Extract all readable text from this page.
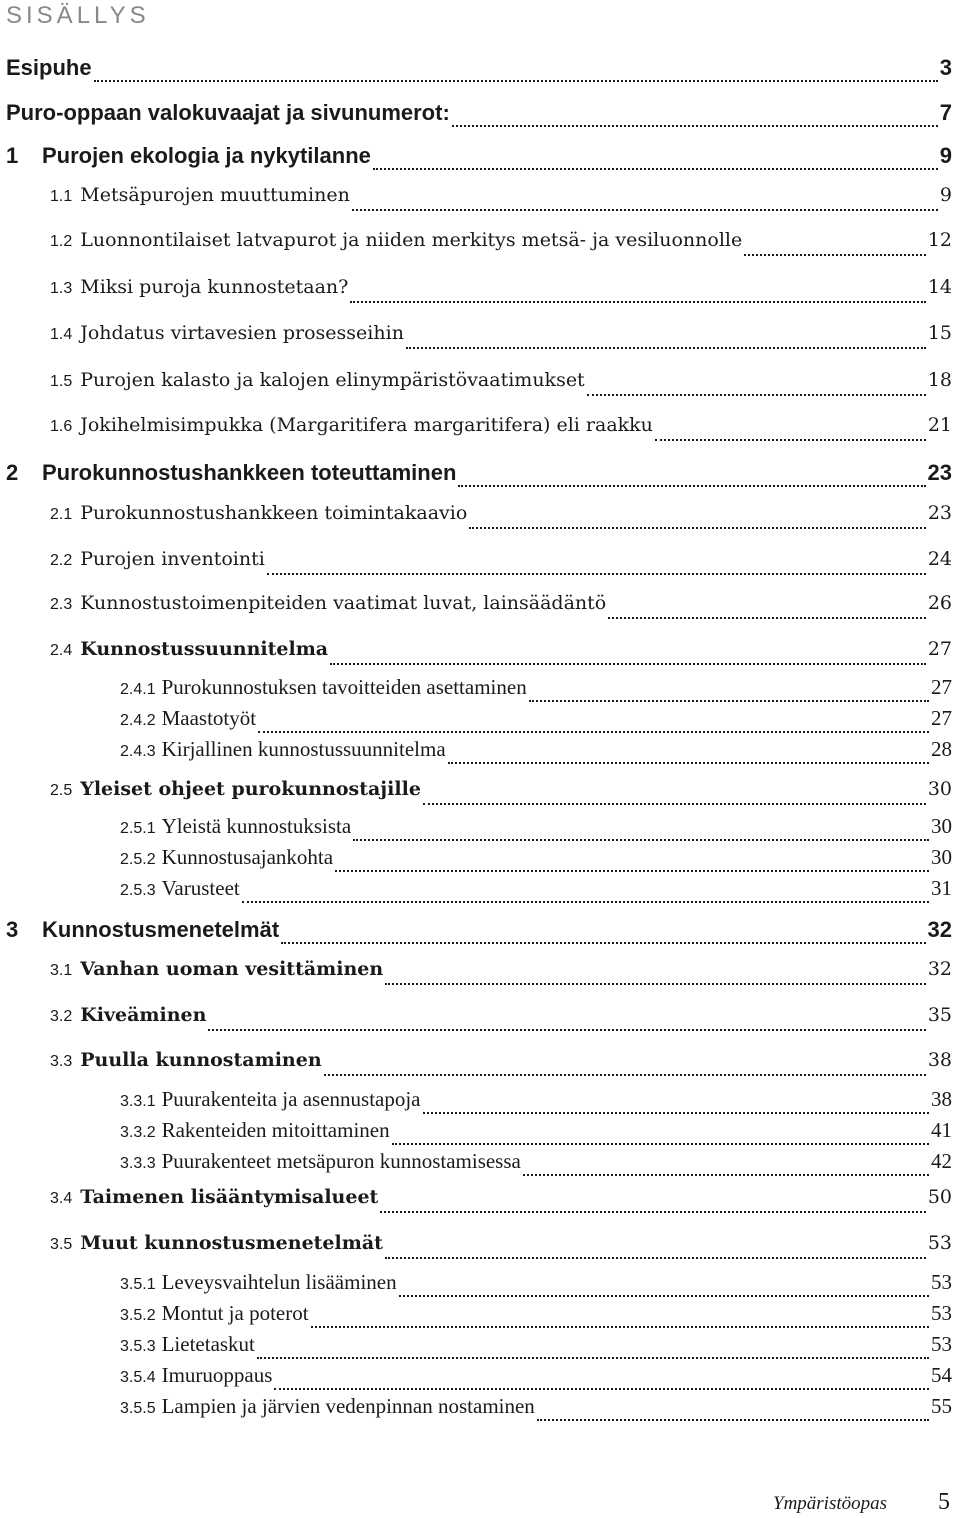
SISÄLLYS
Esipuhe	3
Puro-oppaan valokuvaajat ja sivunumerot:	7
1	Purojen ekologia ja nykytilanne	9
1.1 Metsäpurojen muuttuminen	9
1.2 Luonnontilaiset latvapurot ja niiden merkitys metsä- ja vesiluonnolle	12
1.3 Miksi puroja kunnostetaan?	14
1.4 Johdatus virtavesien prosesseihin	15
1.5 Purojen kalasto ja kalojen elinympäristövaatimukset	18
1.6 Jokihelmisimpukka (Margaritifera margaritifera) eli raakku	21
2	Purokunnostushankkeen toteuttaminen	23
2.1 Purokunnostushankkeen toimintakaavio	23
2.2 Purojen inventointi	24
2.3 Kunnostustoimenpiteiden vaatimat luvat, lainsäädäntö	26
2.4 Kunnostussuunnitelma	27
2.4.1 Purokunnostuksen tavoitteiden asettaminen	27
2.4.2 Maastotyöt	27
2.4.3 Kirjallinen kunnostussuunnitelma	28
2.5 Yleiset ohjeet purokunnostajille	30
2.5.1 Yleistä kunnostuksista	30
2.5.2 Kunnostusajankohta	30
2.5.3 Varusteet	31
3	Kunnostusmenetelmät	32
3.1 Vanhan uoman vesittäminen	32
3.2 Kiveäminen	35
3.3 Puulla kunnostaminen	38
3.3.1 Puurakenteita ja asennustapoja	38
3.3.2 Rakenteiden mitoittaminen	41
3.3.3 Puurakenteet metsäpuron kunnostamisessa	42
3.4 Taimenen lisääntymisalueet	50
3.5 Muut kunnostusmenetelmät	53
3.5.1 Leveysvaihtelun lisääminen	53
3.5.2 Montut ja poterot	53
3.5.3 Lietetaskut	53
3.5.4 Imuruoppaus	54
3.5.5 Lampien ja järvien vedenpinnan nostaminen	55
Ympäristöopas 5
